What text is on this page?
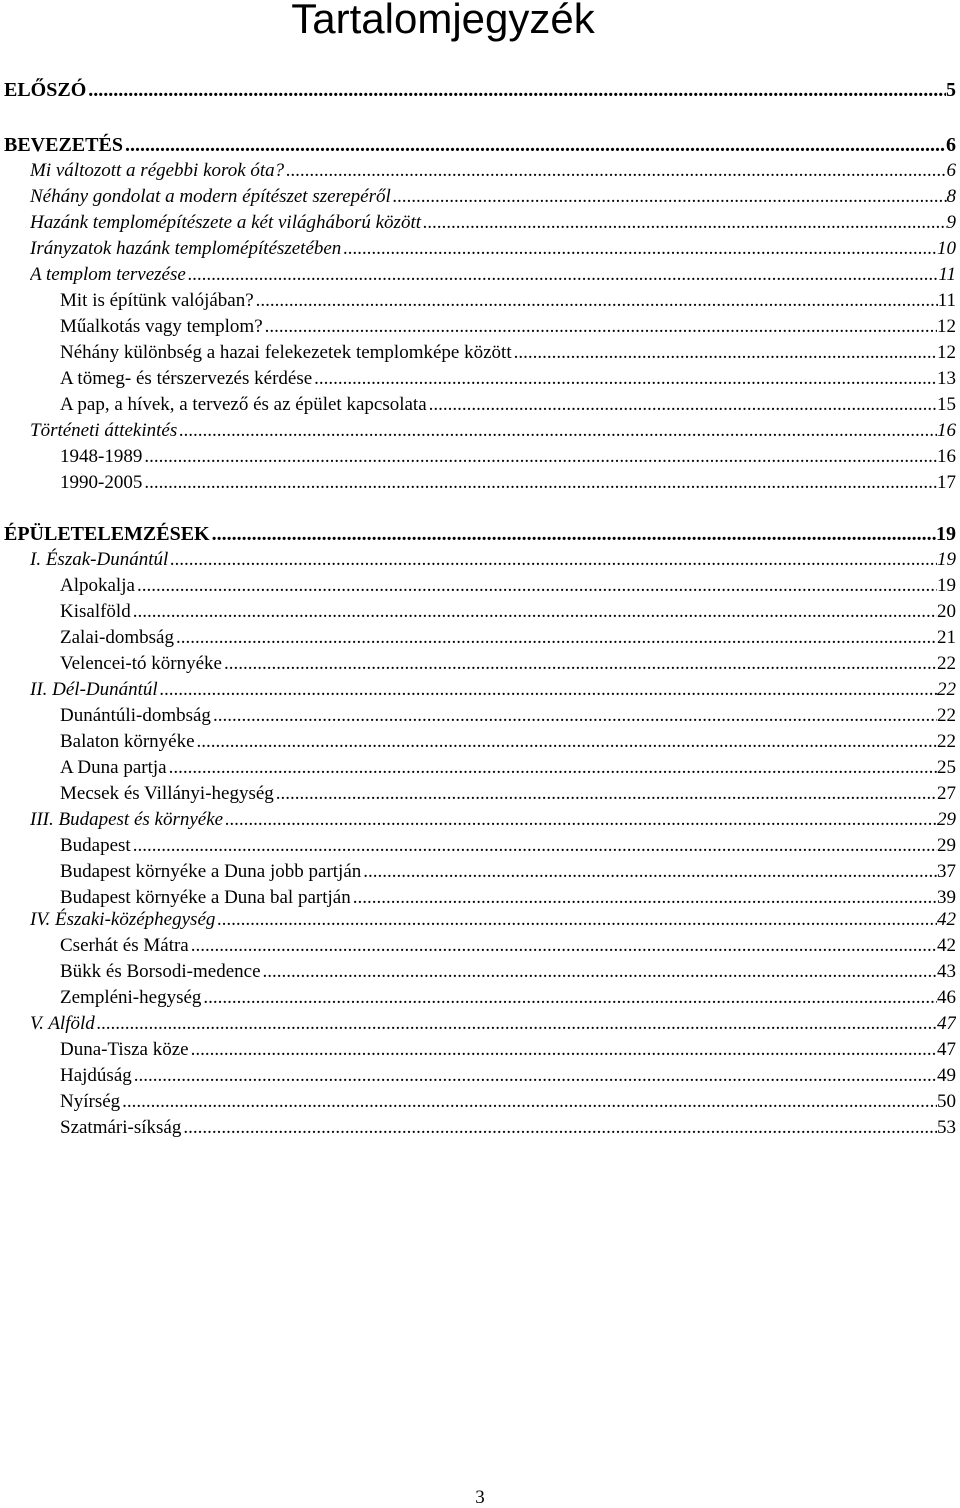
Tartalomjegyzék
ELŐSZÓ .....	5
BEVEZETÉS .....	6
Mi változott a régebbi korok óta? .....	6
Néhány gondolat a modern építészet szerepéről .....	8
Hazánk templomépítészete a két világháború között .....	9
Irányzatok hazánk templomépítészetében .....	10
A templom tervezése .....	11
Mit is építünk valójában? .....	11
Műalkotás vagy templom? .....	12
Néhány különbség a hazai felekezetek templomképe között .....	12
A tömeg- és térszervezés kérdése .....	13
A pap, a hívek, a tervező és az épület kapcsolata .....	15
Történeti áttekintés .....	16
1948-1989 .....	16
1990-2005 .....	17
ÉPÜLETELEMZÉSEK .....	19
I. Észak-Dunántúl .....	19
Alpokalja .....	19
Kisalföld .....	20
Zalai-dombság .....	21
Velencei-tó környéke .....	22
II. Dél-Dunántúl .....	22
Dunántúli-dombság .....	22
Balaton környéke .....	22
A Duna partja .....	25
Mecsek és Villányi-hegység .....	27
III. Budapest és környéke .....	29
Budapest .....	29
Budapest környéke a Duna jobb partján .....	37
Budapest környéke a Duna bal partján .....	39
IV. Északi-középhegység .....	42
Cserhát és Mátra .....	42
Bükk és Borsodi-medence .....	43
Zempléni-hegység .....	46
V. Alföld .....	47
Duna-Tisza köze .....	47
Hajdúság .....	49
Nyírség .....	50
Szatmári-síkság .....	53
3
